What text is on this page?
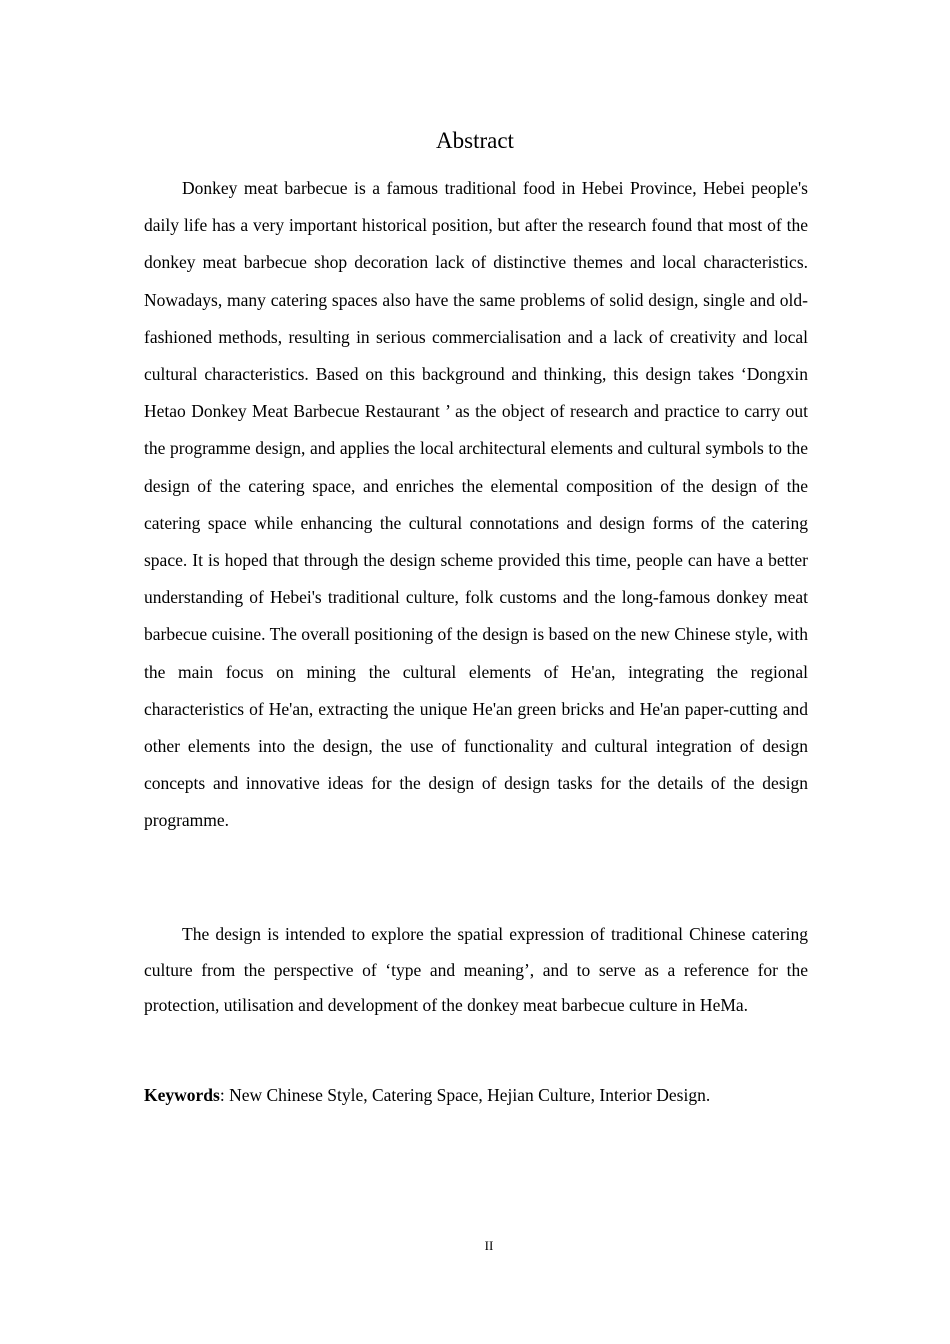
Abstract

Donkey meat barbecue is a famous traditional food in Hebei Province, Hebei people's daily life has a very important historical position, but after the research found that most of the donkey meat barbecue shop decoration lack of distinctive themes and local characteristics. Nowadays, many catering spaces also have the same problems of solid design, single and old-fashioned methods, resulting in serious commercialisation and a lack of creativity and local cultural characteristics. Based on this background and thinking, this design takes ‘Dongxin Hetao Donkey Meat Barbecue Restaurant ’ as the object of research and practice to carry out the programme design, and applies the local architectural elements and cultural symbols to the design of the catering space, and enriches the elemental composition of the design of the catering space while enhancing the cultural connotations and design forms of the catering space. It is hoped that through the design scheme provided this time, people can have a better understanding of Hebei's traditional culture, folk customs and the long-famous donkey meat barbecue cuisine. The overall positioning of the design is based on the new Chinese style, with the main focus on mining the cultural elements of He'an, integrating the regional characteristics of He'an, extracting the unique He'an green bricks and He'an paper-cutting and other elements into the design, the use of functionality and cultural integration of design concepts and innovative ideas for the design of design tasks for the details of the design programme.

The design is intended to explore the spatial expression of traditional Chinese catering culture from the perspective of ‘type and meaning’, and to serve as a reference for the protection, utilisation and development of the donkey meat barbecue culture in HeMa.

Keywords: New Chinese Style, Catering Space, Hejian Culture, Interior Design.

II
